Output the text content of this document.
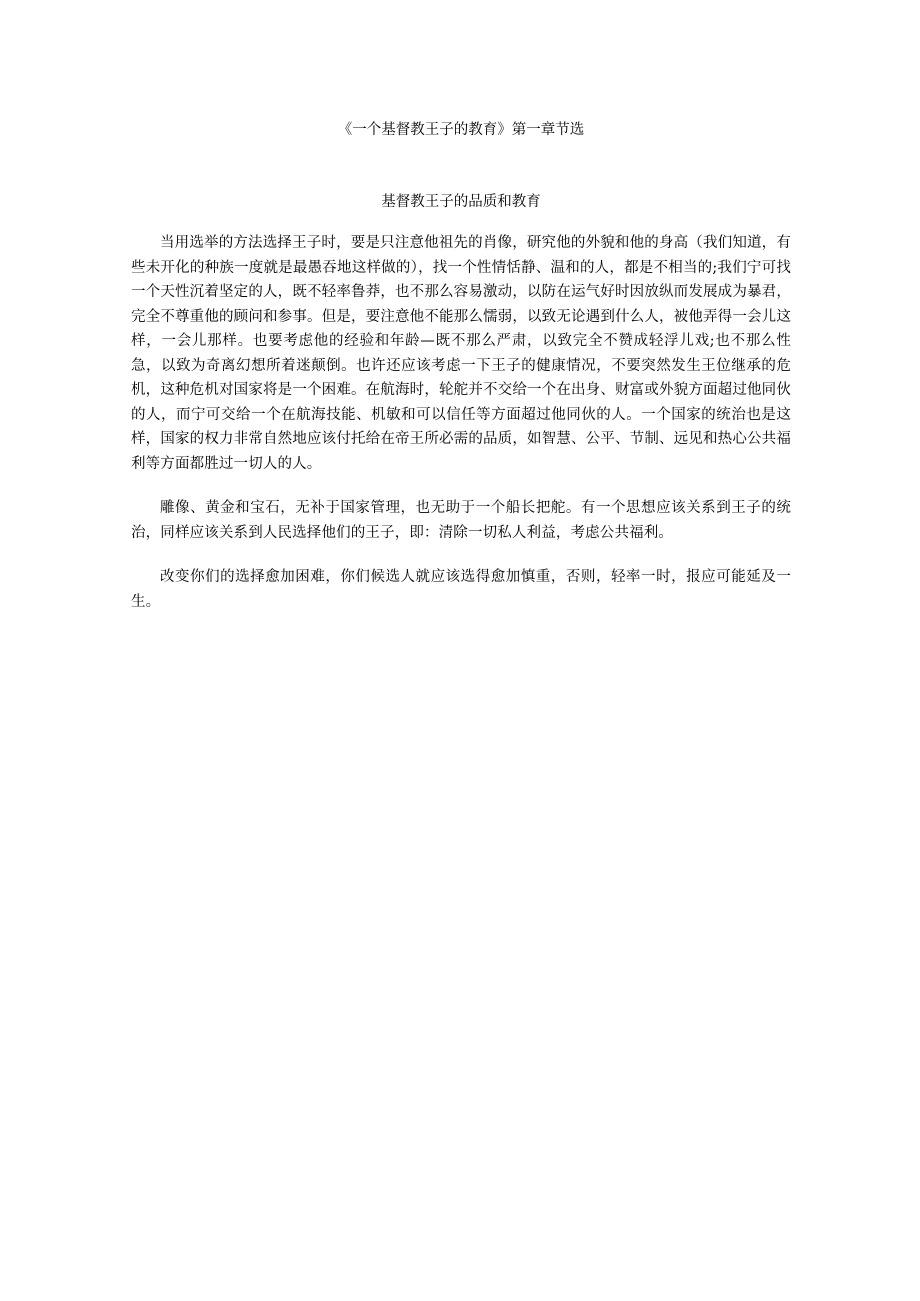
《一个基督教王子的教育》第一章节选
基督教王子的品质和教育

当用选举的方法选择王子时，要是只注意他祖先的肖像，研究他的外貌和他的身高（我们知道，有些未开化的种族一度就是最愚吞地这样做的），找一个性情恬静、温和的人，都是不相当的;我们宁可找一个天性沉着坚定的人，既不轻率鲁莽，也不那么容易激动，以防在运气好时因放纵而发展成为暴君，完全不尊重他的顾问和参事。但是，要注意他不能那么懦弱，以致无论遇到什么人，被他弄得一会儿这样，一会儿那样。也要考虑他的经验和年龄—既不那么严肃，以致完全不赞成轻浮儿戏;也不那么性急，以致为奇离幻想所着迷颠倒。也许还应该考虑一下王子的健康情况，不要突然发生王位继承的危机，这种危机对国家将是一个困难。在航海时，轮舵并不交给一个在出身、财富或外貌方面超过他同伙的人，而宁可交给一个在航海技能、机敏和可以信任等方面超过他同伙的人。一个国家的统治也是这样，国家的权力非常自然地应该付托给在帝王所必需的品质，如智慧、公平、节制、远见和热心公共福利等方面都胜过一切人的人。

雕像、黄金和宝石，无补于国家管理，也无助于一个船长把舵。有一个思想应该关系到王子的统治，同样应该关系到人民选择他们的王子，即：清除一切私人利益，考虑公共福利。

改变你们的选择愈加困难，你们候选人就应该选得愈加慎重，否则，轻率一时，报应可能延及一生。
